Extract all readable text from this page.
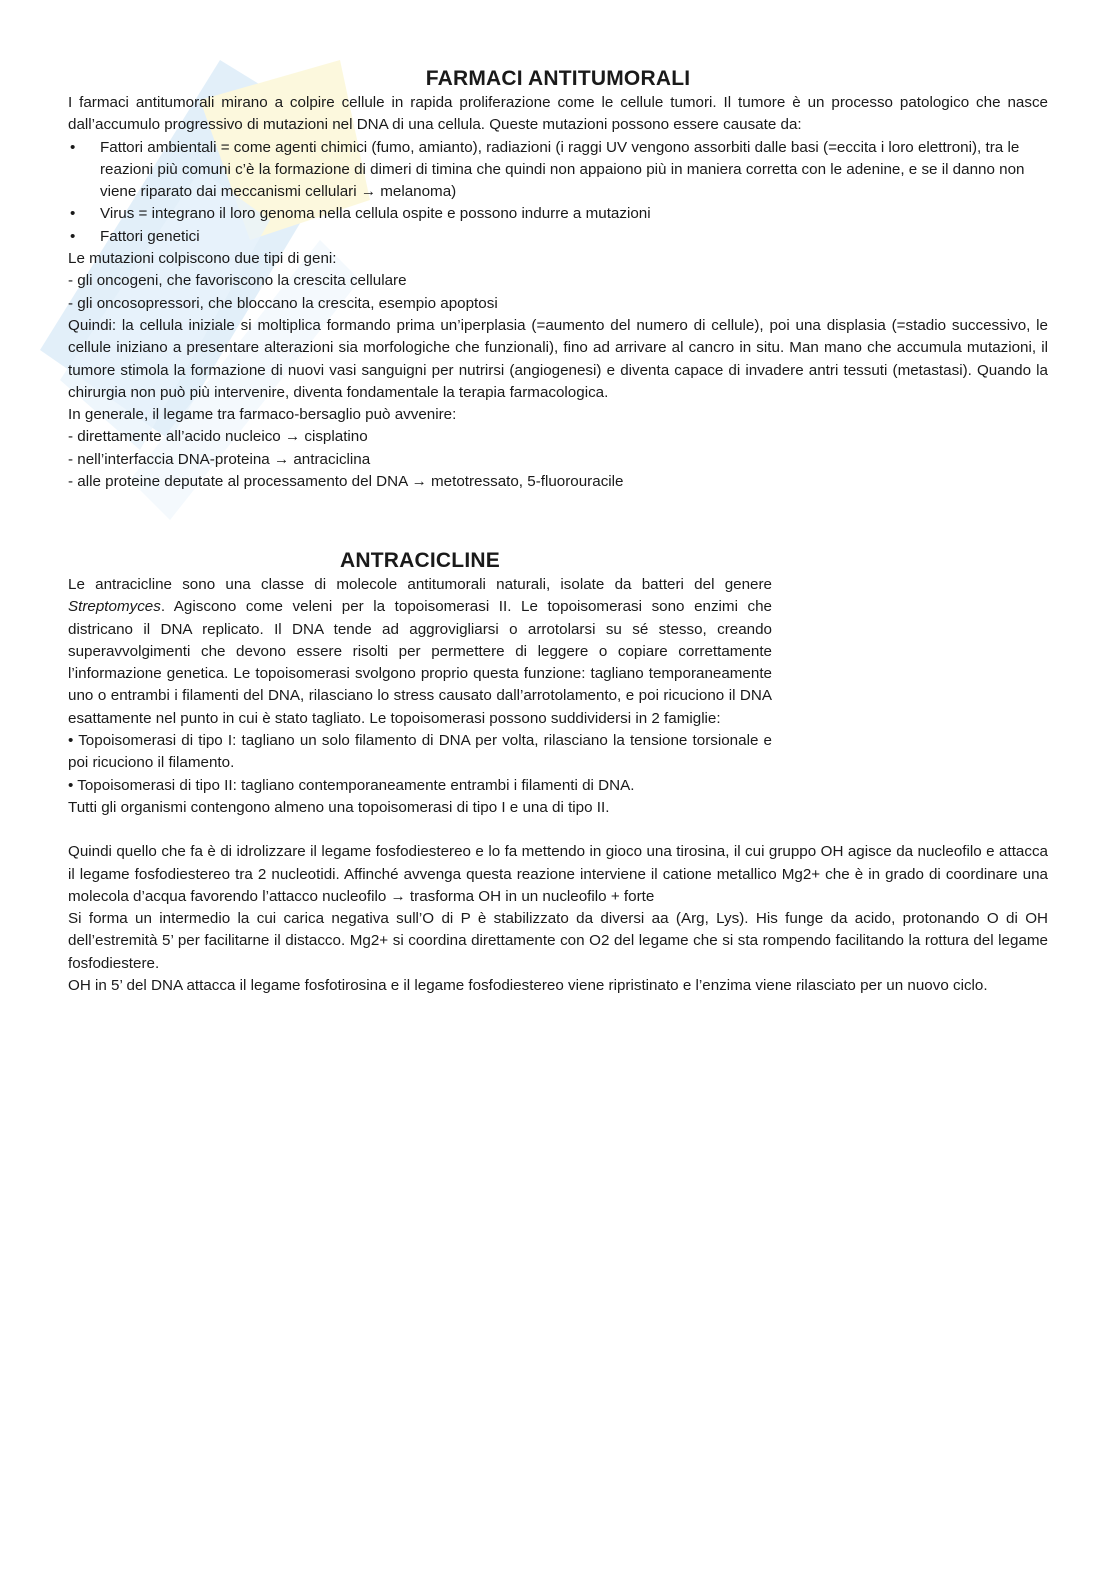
FARMACI ANTITUMORALI

I farmaci antitumorali mirano a colpire cellule in rapida proliferazione come le cellule tumori. Il tumore è un processo patologico che nasce dall’accumulo progressivo di mutazioni nel DNA di una cellula. Queste mutazioni possono essere causate da:

• Fattori ambientali = come agenti chimici (fumo, amianto), radiazioni (i raggi UV vengono assorbiti dalle basi (=eccita i loro elettroni), tra le reazioni più comuni c’è la formazione di dimeri di timina che quindi non appaiono più in maniera corretta con le adenine, e se il danno non viene riparato dai meccanismi cellulari → melanoma)
• Virus = integrano il loro genoma nella cellula ospite e possono indurre a mutazioni
• Fattori genetici
Le mutazioni colpiscono due tipi di geni:
- gli oncogeni, che favoriscono la crescita cellulare
- gli oncosopressori, che bloccano la crescita, esempio apoptosi

Quindi: la cellula iniziale si moltiplica formando prima un’iperplasia (=aumento del numero di cellule), poi una displasia (=stadio successivo, le cellule iniziano a presentare alterazioni sia morfologiche che funzionali), fino ad arrivare al cancro in situ. Man mano che accumula mutazioni, il tumore stimola la formazione di nuovi vasi sanguigni per nutrirsi (angiogenesi) e diventa capace di invadere antri tessuti (metastasi). Quando la chirurgia non può più intervenire, diventa fondamentale la terapia farmacologica.

In generale, il legame tra farmaco-bersaglio può avvenire:
- direttamente all’acido nucleico → cisplatino
- nell’interfaccia DNA-proteina → antraciclina
- alle proteine deputate al processamento del DNA → metotressato, 5-fluorouracile
ANTRACICLINE

Le antracicline sono una classe di molecole antitumorali naturali, isolate da batteri del genere Streptomyces. Agiscono come veleni per la topoisomerasi II. Le topoisomerasi sono enzimi che districano il DNA replicato. Il DNA tende ad aggrovigliarsi o arrotolarsi su sé stesso, creando superavvolgimenti che devono essere risolti per permettere di leggere o copiare correttamente l’informazione genetica. Le topoisomerasi svolgono proprio questa funzione: tagliano temporaneamente uno o entrambi i filamenti del DNA, rilasciano lo stress causato dall’arrotolamento, e poi ricuciono il DNA esattamente nel punto in cui è stato tagliato. Le topoisomerasi possono suddividersi in 2 famiglie:

• Topoisomerasi di tipo I: tagliano un solo filamento di DNA per volta, rilasciano la tensione torsionale e poi ricuciono il filamento.

• Topoisomerasi di tipo II: tagliano contemporaneamente entrambi i filamenti di DNA.

Tutti gli organismi contengono almeno una topoisomerasi di tipo I e una di tipo II.

Quindi quello che fa è di idrolizzare il legame fosfodiestereo e lo fa mettendo in gioco una tirosina, il cui gruppo OH agisce da nucleofilo e attacca il legame fosfodiestereo tra 2 nucleotidi. Affinché avvenga questa reazione interviene il catione metallico Mg2+ che è in grado di coordinare una molecola d’acqua favorendo l’attacco nucleofilo → trasforma OH in un nucleofilo + forte

Si forma un intermedio la cui carica negativa sull’O di P è stabilizzato da diversi aa (Arg, Lys). His funge da acido, protonando O di OH dell’estremità 5’ per facilitarne il distacco. Mg2+ si coordina direttamente con O2 del legame che si sta rompendo facilitando la rottura del legame fosfodiestere.

OH in 5’ del DNA attacca il legame fosfotirosina e il legame fosfodiestereo viene ripristinato e l’enzima viene rilasciato per un nuovo ciclo.
